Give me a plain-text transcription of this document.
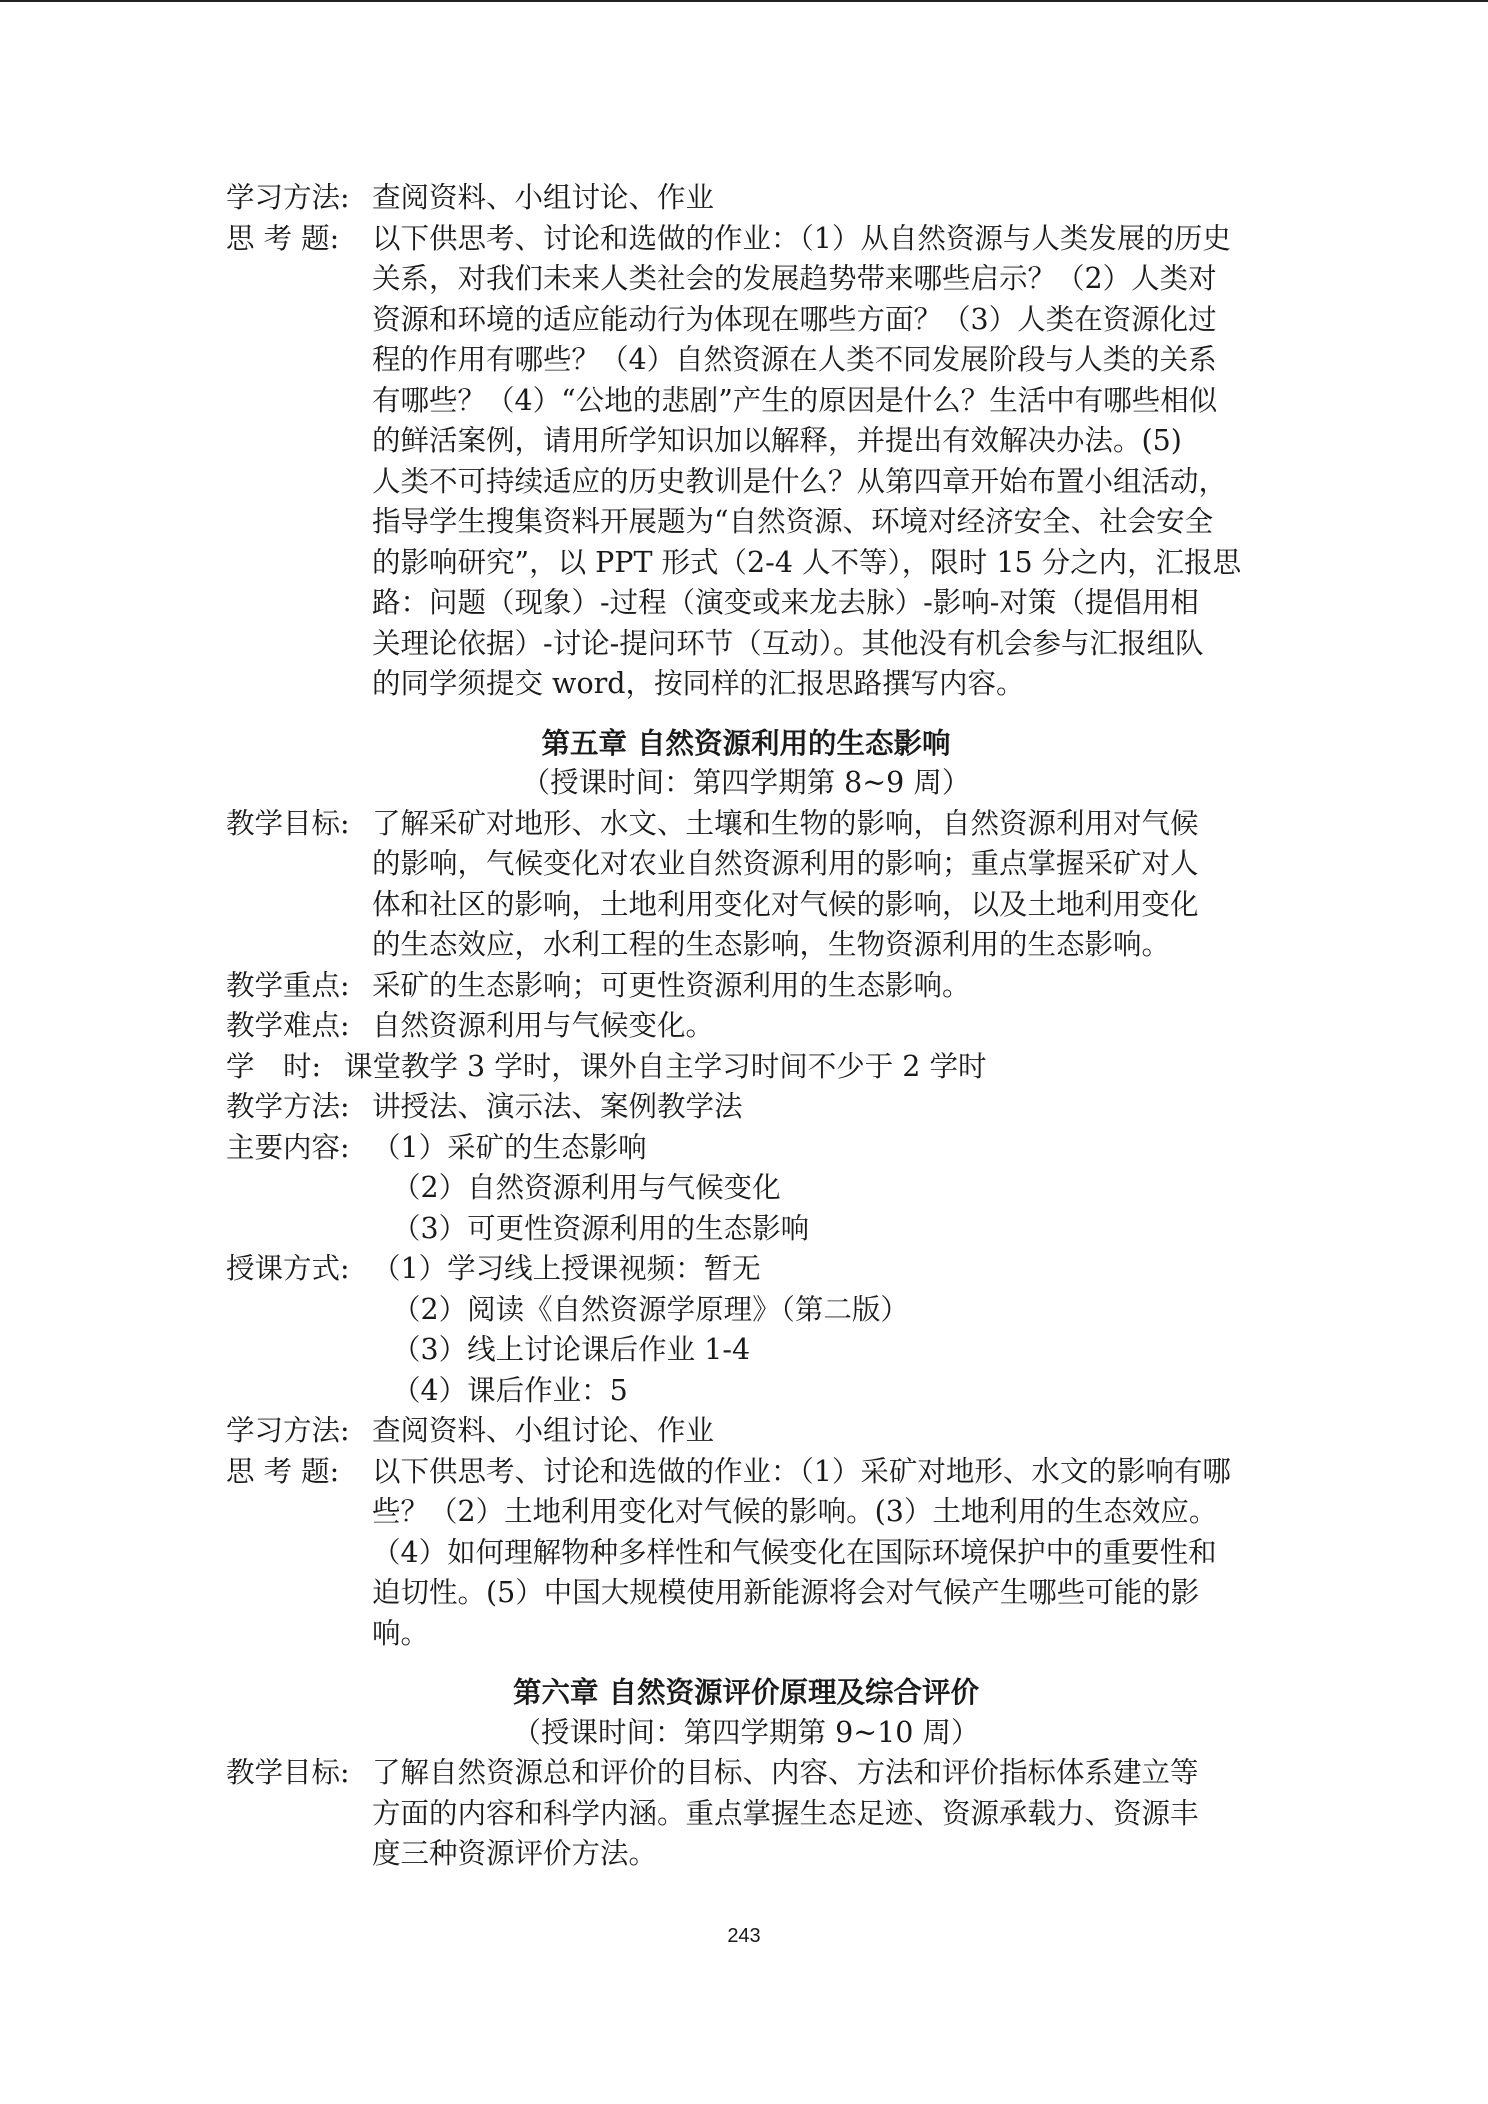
学习方法: 查阅资料、小组讨论、作业
思 考 题:	以下供思考、讨论和选做的作业：（1）从自然资源与人类发展的历史
关系，对我们未来人类社会的发展趋势带来哪些启示？（2）人类对
资源和环境的适应能动行为体现在哪些方面？（3）人类在资源化过
程的作用有哪些？（4）自然资源在人类不同发展阶段与人类的关系
有哪些？（4）“公地的悲剧”产生的原因是什么？生活中有哪些相似
的鲜活案例，请用所学知识加以解释，并提出有效解决办法。(5)
人类不可持续适应的历史教训是什么？从第四章开始布置小组活动，
指导学生搜集资料开展题为“自然资源、环境对经济安全、社会安全
的影响研究”，以 PPT 形式（2-4 人不等），限时 15 分之内，汇报思
路：问题（现象）-过程（演变或来龙去脉）-影响-对策（提倡用相
关理论依据）-讨论-提问环节（互动）。其他没有机会参与汇报组队
的同学须提交 word，按同样的汇报思路撰写内容。
第五章 自然资源利用的生态影响
（授课时间：第四学期第 8~9 周）
教学目标: 了解采矿对地形、水文、土壤和生物的影响，自然资源利用对气候
的影响，气候变化对农业自然资源利用的影响；重点掌握采矿对人
体和社区的影响，土地利用变化对气候的影响，以及土地利用变化
的生态效应，水利工程的生态影响，生物资源利用的生态影响。
教学重点: 采矿的生态影响；可更性资源利用的生态影响。
教学难点: 自然资源利用与气候变化。
学　时: 课堂教学 3 学时，课外自主学习时间不少于 2 学时
教学方法: 讲授法、演示法、案例教学法
主要内容: （1）采矿的生态影响
（2）自然资源利用与气候变化
（3）可更性资源利用的生态影响
授课方式: （1）学习线上授课视频：暂无
（2）阅读《自然资源学原理》（第二版）
（3）线上讨论课后作业 1-4
（4）课后作业：5
学习方法: 查阅资料、小组讨论、作业
思 考 题:	以下供思考、讨论和选做的作业：（1）采矿对地形、水文的影响有哪
些？（2）土地利用变化对气候的影响。(3）土地利用的生态效应。
（4）如何理解物种多样性和气候变化在国际环境保护中的重要性和
迫切性。(5）中国大规模使用新能源将会对气候产生哪些可能的影
响。
第六章 自然资源评价原理及综合评价
（授课时间：第四学期第 9~10 周）
教学目标: 了解自然资源总和评价的目标、内容、方法和评价指标体系建立等
方面的内容和科学内涵。重点掌握生态足迹、资源承载力、资源丰
度三种资源评价方法。
243
